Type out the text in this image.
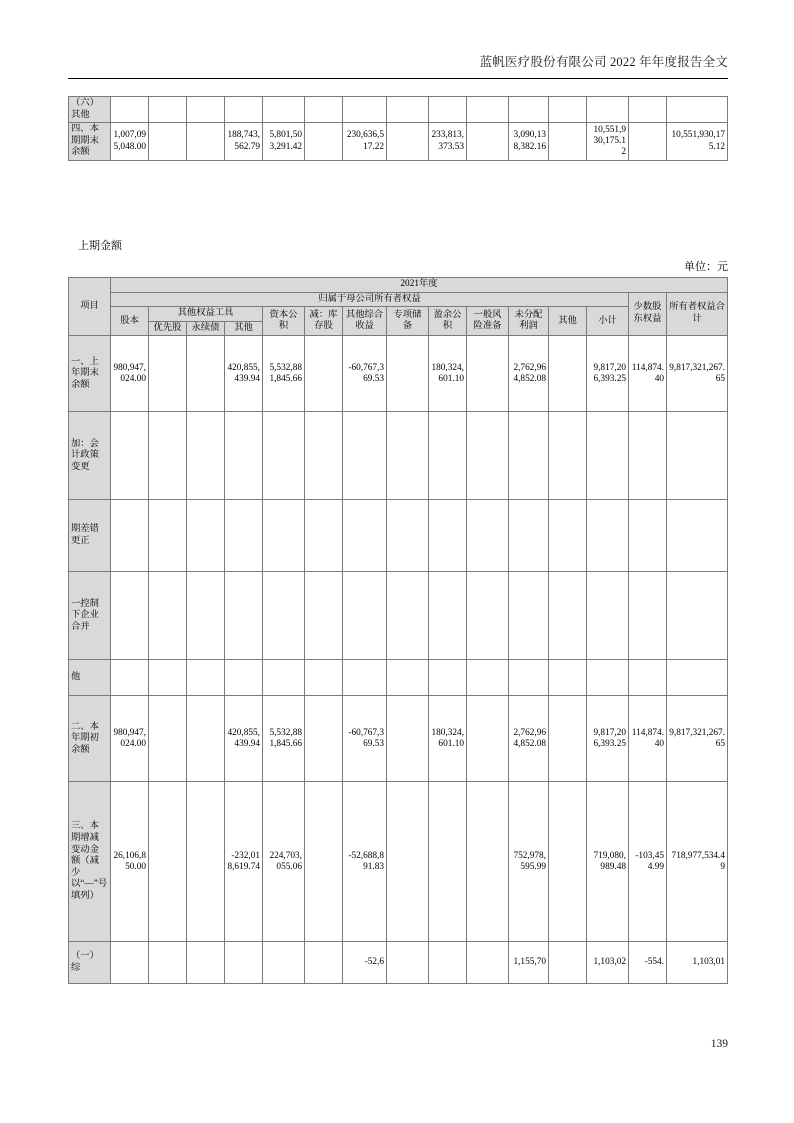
蓝帆医疗股份有限公司 2022 年年度报告全文
（六）其他															
四、本期期末余额	1,007,095,048.00			188,743,562.79	5,801,503,291.42		230,636,517.22		233,813,373.53		3,090,138,382.16		10,551,930,175.12		10,551,930,175.12
上期金额
单位：元
项目	2021年度														
	归属于母公司所有者权益													少数股东权益	所有者权益合计
	股本	其他权益工具			资本公积	减：库存股	其他综合收益	专项储备	盈余公积	一般风险准备	未分配利润	其他	小计		
		优先股	永续债	其他											
一、上年期末余额	980,947,024.00			420,855,439.94	5,532,881,845.66		-60,767,369.53		180,324,601.10		2,762,964,852.08		9,817,206,393.25	114,874.40	9,817,321,267.65
加：会计政策变更															
期差错更正															
一控制下企业合并															
他															
二、本年期初余额	980,947,024.00			420,855,439.94	5,532,881,845.66		-60,767,369.53		180,324,601.10		2,762,964,852.08		9,817,206,393.25	114,874.40	9,817,321,267.65
三、本期增减变动金额（减少以“—”号填列）	26,106,850.00			-232,018,619.74	224,703,055.06		-52,688,891.83				752,978,595.99		719,080,989.48	-103,454.99	718,977,534.49
（一）综							-52,6				1,155,70		1,103,02	-554.	1,103,01
139
